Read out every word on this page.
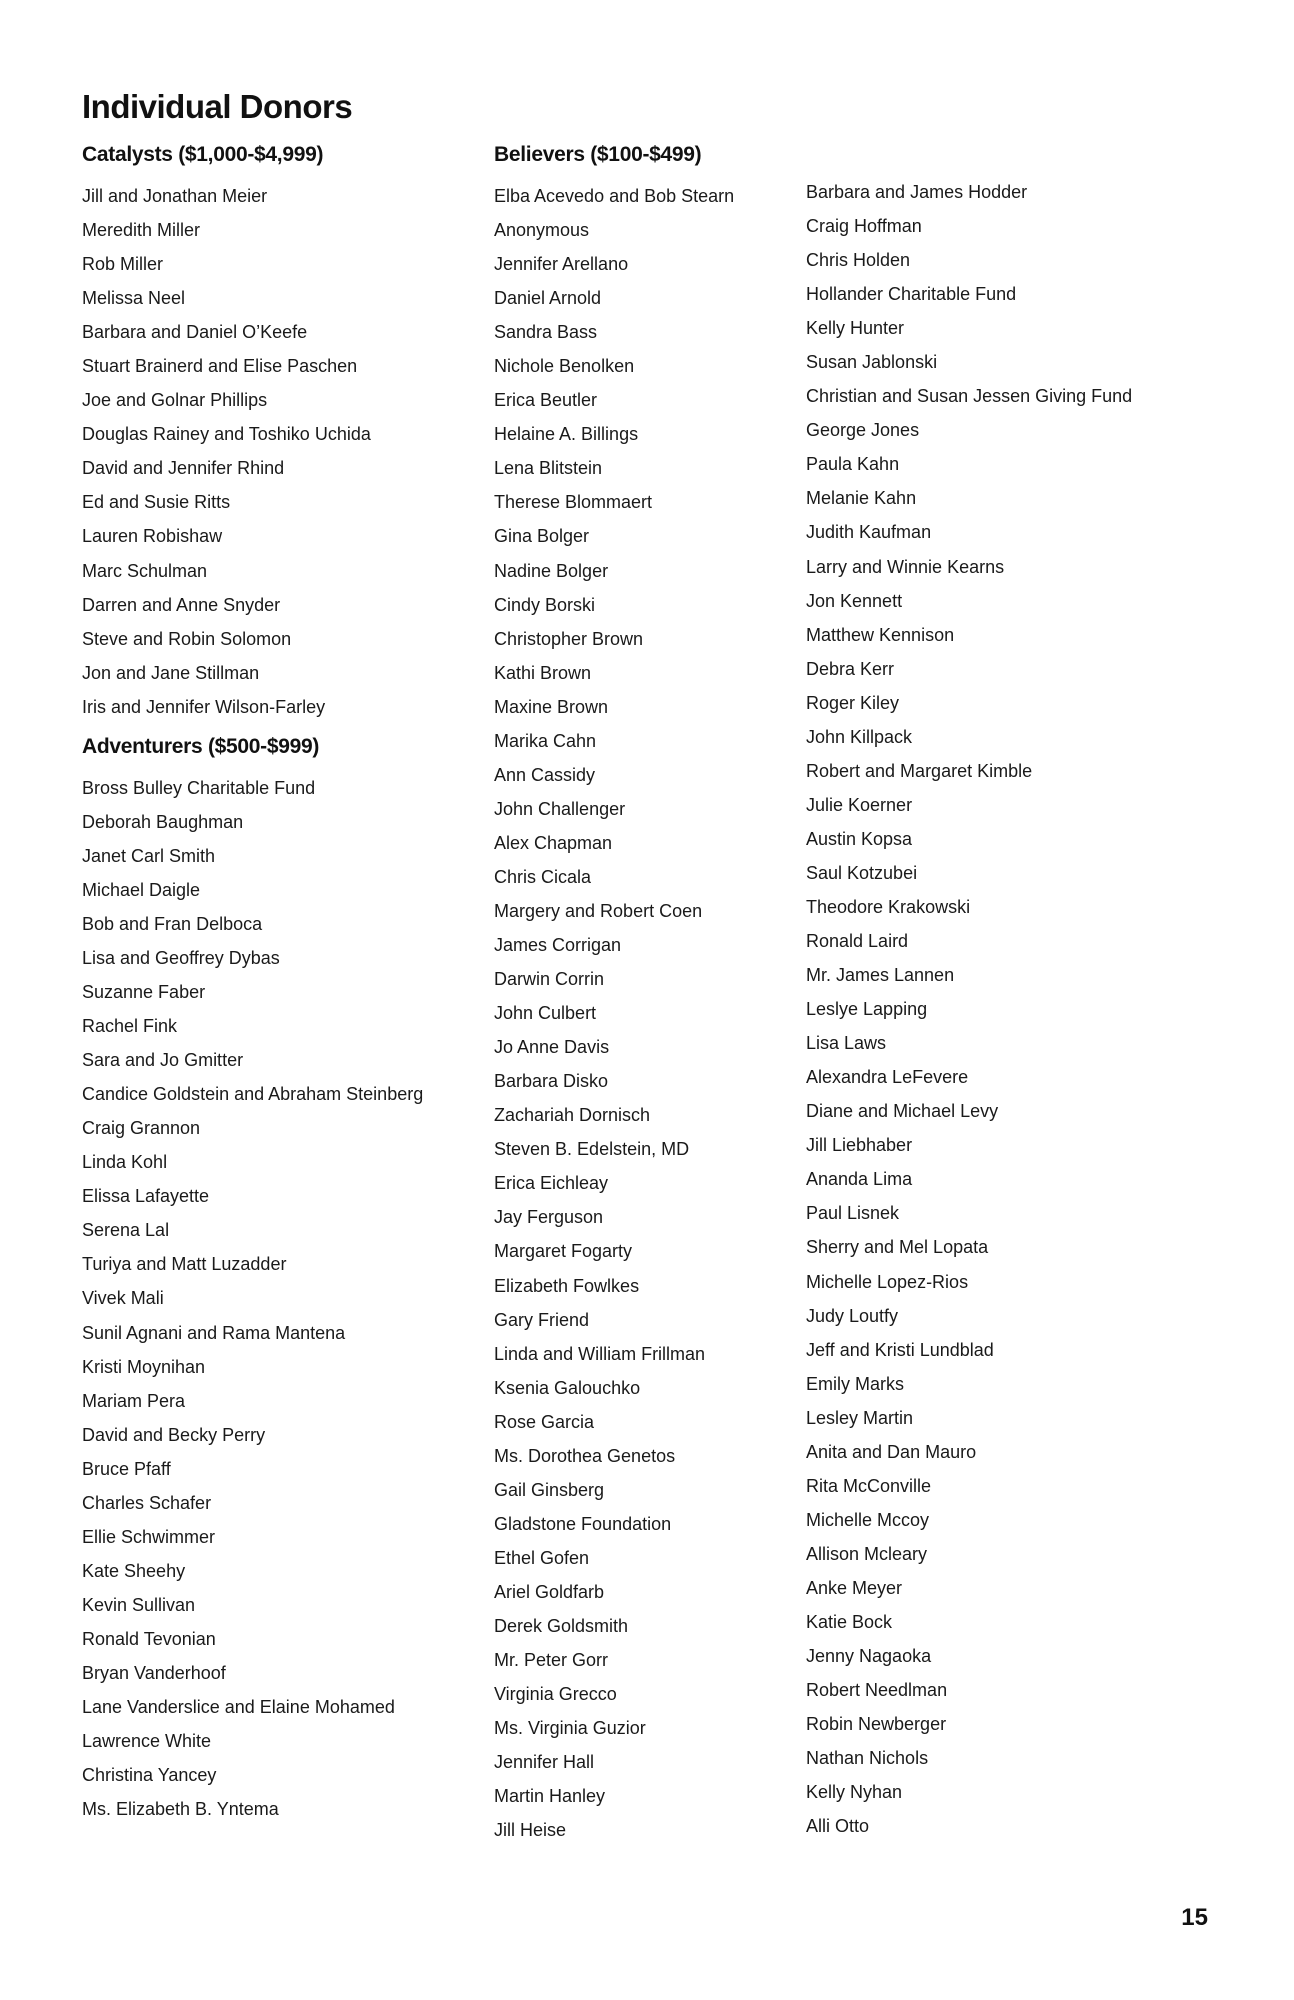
Individual Donors
Catalysts ($1,000-$4,999)
Jill and Jonathan Meier
Meredith Miller
Rob Miller
Melissa Neel
Barbara and Daniel O’Keefe
Stuart Brainerd and Elise Paschen
Joe and Golnar Phillips
Douglas Rainey and Toshiko Uchida
David and Jennifer Rhind
Ed and Susie Ritts
Lauren Robishaw
Marc Schulman
Darren and Anne Snyder
Steve and Robin Solomon
Jon and Jane Stillman
Iris and Jennifer Wilson-Farley
Adventurers ($500-$999)
Bross Bulley Charitable Fund
Deborah Baughman
Janet Carl Smith
Michael Daigle
Bob and Fran Delboca
Lisa and Geoffrey Dybas
Suzanne Faber
Rachel Fink
Sara and Jo Gmitter
Candice Goldstein and Abraham Steinberg
Craig Grannon
Linda Kohl
Elissa Lafayette
Serena Lal
Turiya and Matt Luzadder
Vivek Mali
Sunil Agnani and Rama Mantena
Kristi Moynihan
Mariam Pera
David and Becky Perry
Bruce Pfaff
Charles Schafer
Ellie Schwimmer
Kate Sheehy
Kevin Sullivan
Ronald Tevonian
Bryan Vanderhoof
Lane Vanderslice and Elaine Mohamed
Lawrence White
Christina Yancey
Ms. Elizabeth B. Yntema
Believers ($100-$499)
Elba Acevedo and Bob Stearn
Anonymous
Jennifer Arellano
Daniel Arnold
Sandra Bass
Nichole Benolken
Erica Beutler
Helaine A. Billings
Lena Blitstein
Therese Blommaert
Gina Bolger
Nadine Bolger
Cindy Borski
Christopher Brown
Kathi Brown
Maxine Brown
Marika Cahn
Ann Cassidy
John Challenger
Alex Chapman
Chris Cicala
Margery and Robert Coen
James Corrigan
Darwin Corrin
John Culbert
Jo Anne Davis
Barbara Disko
Zachariah Dornisch
Steven B. Edelstein, MD
Erica Eichleay
Jay Ferguson
Margaret Fogarty
Elizabeth Fowlkes
Gary Friend
Linda and William Frillman
Ksenia Galouchko
Rose Garcia
Ms. Dorothea Genetos
Gail Ginsberg
Gladstone Foundation
Ethel Gofen
Ariel Goldfarb
Derek Goldsmith
Mr. Peter Gorr
Virginia Grecco
Ms. Virginia Guzior
Jennifer Hall
Martin Hanley
Jill Heise
Barbara and James Hodder
Craig Hoffman
Chris Holden
Hollander Charitable Fund
Kelly Hunter
Susan Jablonski
Christian and Susan Jessen Giving Fund
George Jones
Paula Kahn
Melanie Kahn
Judith Kaufman
Larry and Winnie Kearns
Jon Kennett
Matthew Kennison
Debra Kerr
Roger Kiley
John Killpack
Robert and Margaret Kimble
Julie Koerner
Austin Kopsa
Saul Kotzubei
Theodore Krakowski
Ronald Laird
Mr. James Lannen
Leslye Lapping
Lisa Laws
Alexandra LeFevere
Diane and Michael Levy
Jill Liebhaber
Ananda Lima
Paul Lisnek
Sherry and Mel Lopata
Michelle Lopez-Rios
Judy Loutfy
Jeff and Kristi Lundblad
Emily Marks
Lesley Martin
Anita and Dan Mauro
Rita McConville
Michelle Mccoy
Allison Mcleary
Anke Meyer
Katie Bock
Jenny Nagaoka
Robert Needlman
Robin Newberger
Nathan Nichols
Kelly Nyhan
Alli Otto
15
